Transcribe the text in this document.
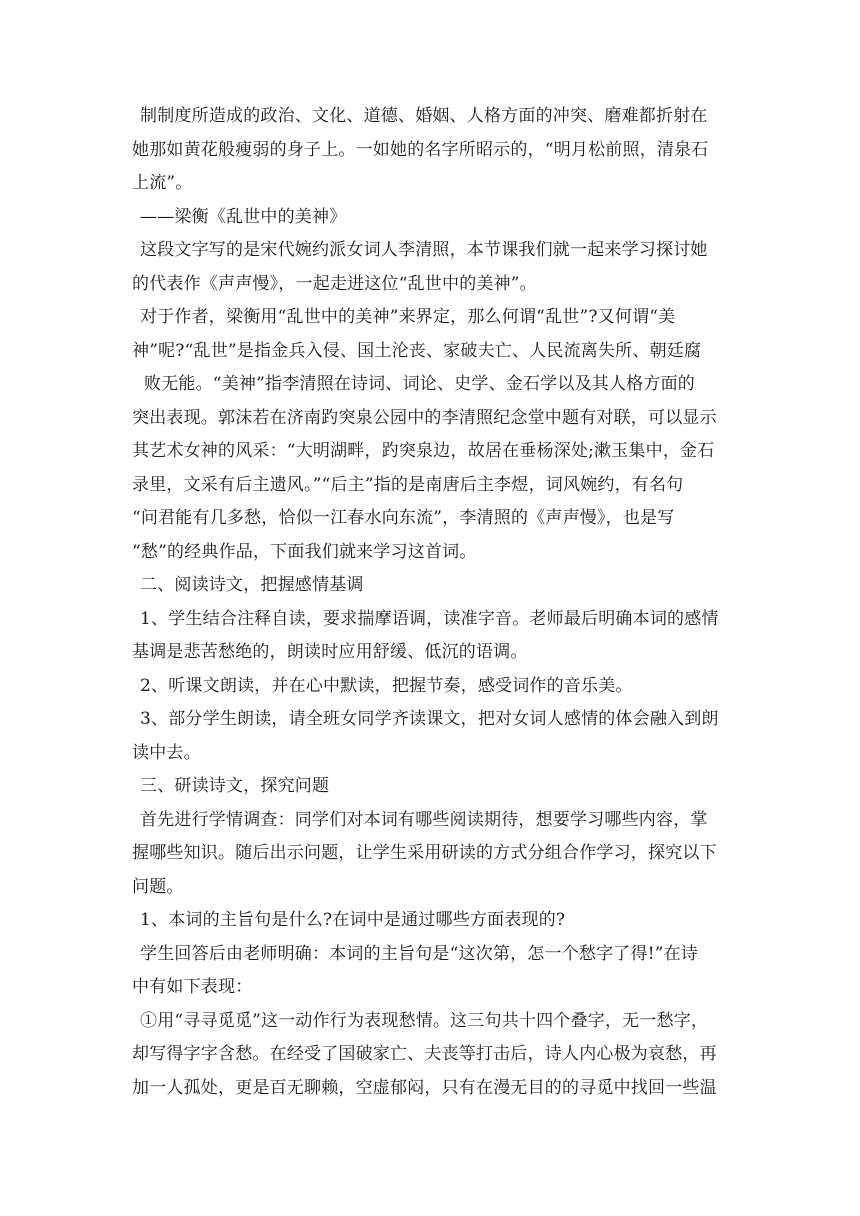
制制度所造成的政治、文化、道德、婚姻、人格方面的冲突、磨难都折射在
她那如黄花般瘦弱的身子上。一如她的名字所昭示的，“明月松前照，清泉石
上流”。
——梁衡《乱世中的美神》
这段文字写的是宋代婉约派女词人李清照，本节课我们就一起来学习探讨她
的代表作《声声慢》，一起走进这位“乱世中的美神”。
对于作者，梁衡用“乱世中的美神”来界定，那么何谓“乱世”?又何谓“美
神”呢?“乱世”是指金兵入侵、国土沦丧、家破夫亡、人民流离失所、朝廷腐
败无能。“美神”指李清照在诗词、词论、史学、金石学以及其人格方面的
突出表现。郭沫若在济南趵突泉公园中的李清照纪念堂中题有对联，可以显示
其艺术女神的风采：“大明湖畔，趵突泉边，故居在垂杨深处;漱玉集中，金石
录里，文采有后主遗风。”“后主”指的是南唐后主李煜，词风婉约，有名句
“问君能有几多愁，恰似一江春水向东流”，李清照的《声声慢》，也是写
“愁”的经典作品，下面我们就来学习这首词。
二、阅读诗文，把握感情基调
1、学生结合注释自读，要求揣摩语调，读准字音。老师最后明确本词的感情
基调是悲苦愁绝的，朗读时应用舒缓、低沉的语调。
2、听课文朗读，并在心中默读，把握节奏，感受词作的音乐美。
3、部分学生朗读，请全班女同学齐读课文，把对女词人感情的体会融入到朗
读中去。
三、研读诗文，探究问题
首先进行学情调查：同学们对本词有哪些阅读期待，想要学习哪些内容，掌
握哪些知识。随后出示问题，让学生采用研读的方式分组合作学习，探究以下
问题。
1、本词的主旨句是什么?在词中是通过哪些方面表现的?
学生回答后由老师明确：本词的主旨句是“这次第，怎一个愁字了得!”在诗
中有如下表现：
①用“寻寻觅觅”这一动作行为表现愁情。这三句共十四个叠字，无一愁字，
却写得字字含愁。在经受了国破家亡、夫丧等打击后，诗人内心极为哀愁，再
加一人孤处，更是百无聊赖，空虚郁闷，只有在漫无目的的寻觅中找回一些温
